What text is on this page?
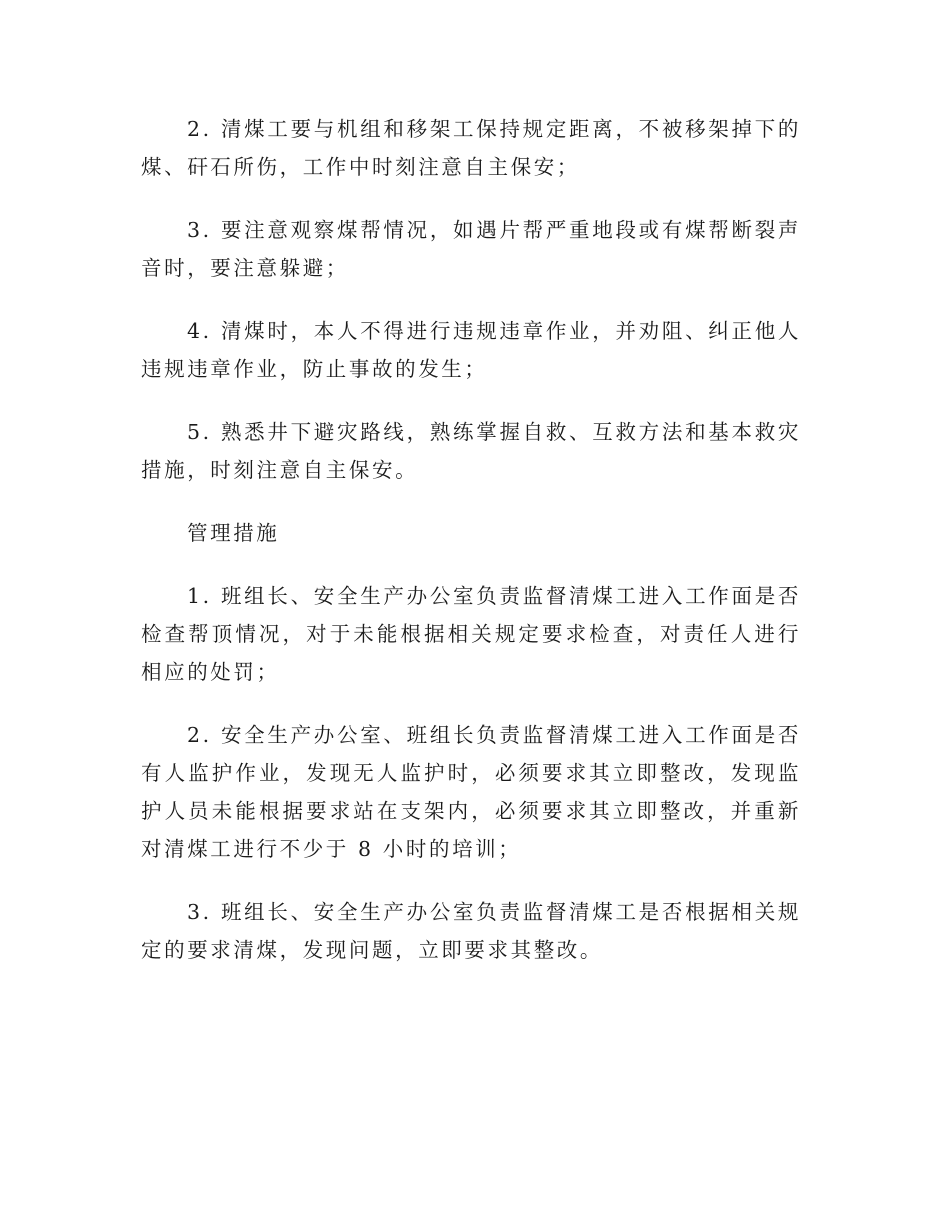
2. 清煤工要与机组和移架工保持规定距离，不被移架掉下的煤、矸石所伤，工作中时刻注意自主保安；

3. 要注意观察煤帮情况，如遇片帮严重地段或有煤帮断裂声音时，要注意躲避；

4. 清煤时，本人不得进行违规违章作业，并劝阻、纠正他人违规违章作业，防止事故的发生；

5. 熟悉井下避灾路线，熟练掌握自救、互救方法和基本救灾措施，时刻注意自主保安。

管理措施

1. 班组长、安全生产办公室负责监督清煤工进入工作面是否检查帮顶情况，对于未能根据相关规定要求检查，对责任人进行相应的处罚；

2. 安全生产办公室、班组长负责监督清煤工进入工作面是否有人监护作业，发现无人监护时，必须要求其立即整改，发现监护人员未能根据要求站在支架内，必须要求其立即整改，并重新对清煤工进行不少于 8 小时的培训；

3. 班组长、安全生产办公室负责监督清煤工是否根据相关规定的要求清煤，发现问题，立即要求其整改。
